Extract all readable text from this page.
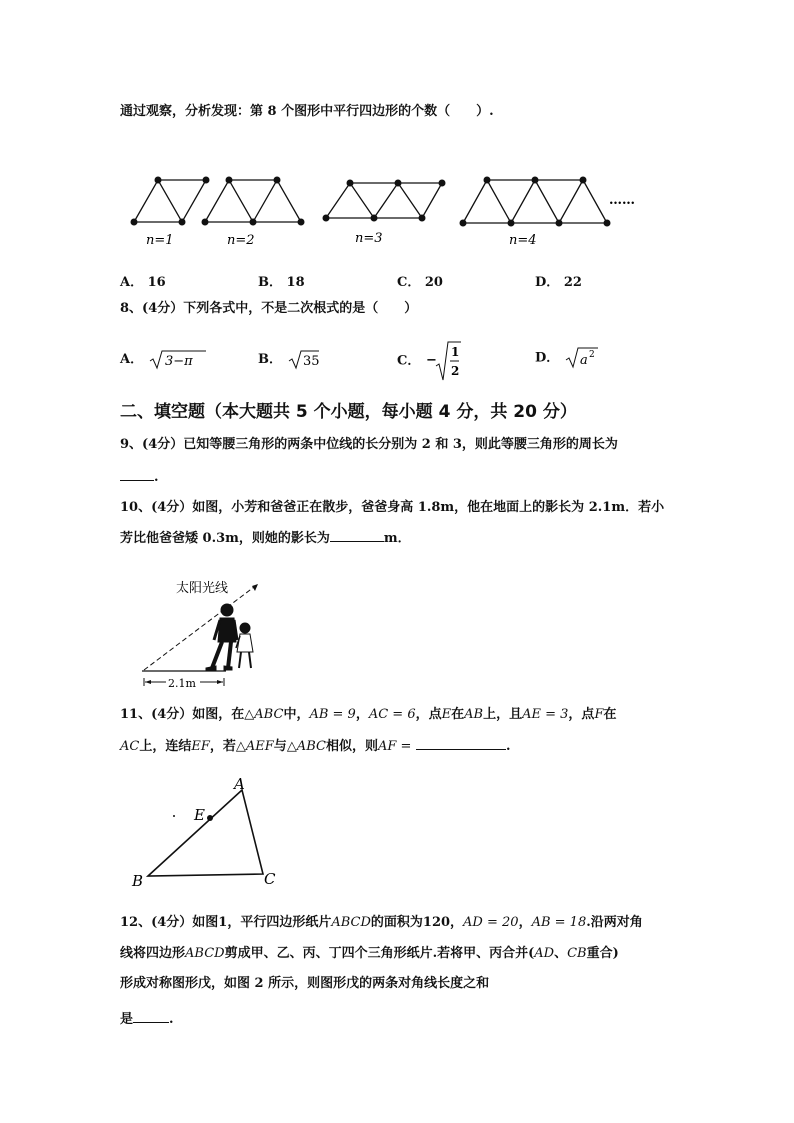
通过观察，分析发现：第 8 个图形中平行四边形的个数（　　）.
n=1	n=2	n=3	n=4
……
A． 16	B． 18	C． 20	D． 22
8、(4分）下列各式中，不是二次根式的是（　　）
A． 3−π	B． 35	C． −
1
2
D． a 2
二、填空题（本大题共 5 个小题，每小题 4 分，共 20 分）
9、(4分）已知等腰三角形的两条中位线的长分别为 2 和 3，则此等腰三角形的周长为
.
10、(4分）如图，小芳和爸爸正在散步，爸爸身高 1.8m，他在地面上的影长为 2.1m．若小
芳比他爸爸矮 0.3m，则她的影长为	m．
太阳光线
2.1m
11、(4分）如图，在△ABC中，AB = 9，AC = 6，点E在AB上，且AE = 3，点F在
AC上，连结EF，若△AEF与△ABC相似，则AF =	.
A
B	C
E
12、(4分）如图1，平行四边形纸片ABCD的面积为120，AD = 20，AB = 18.沿两对角
线将四边形ABCD剪成甲、乙、丙、丁四个三角形纸片.若将甲、丙合并(AD、CB重合)
形成对称图形戊，如图 2 所示，则图形戊的两条对角线长度之和
是	.
